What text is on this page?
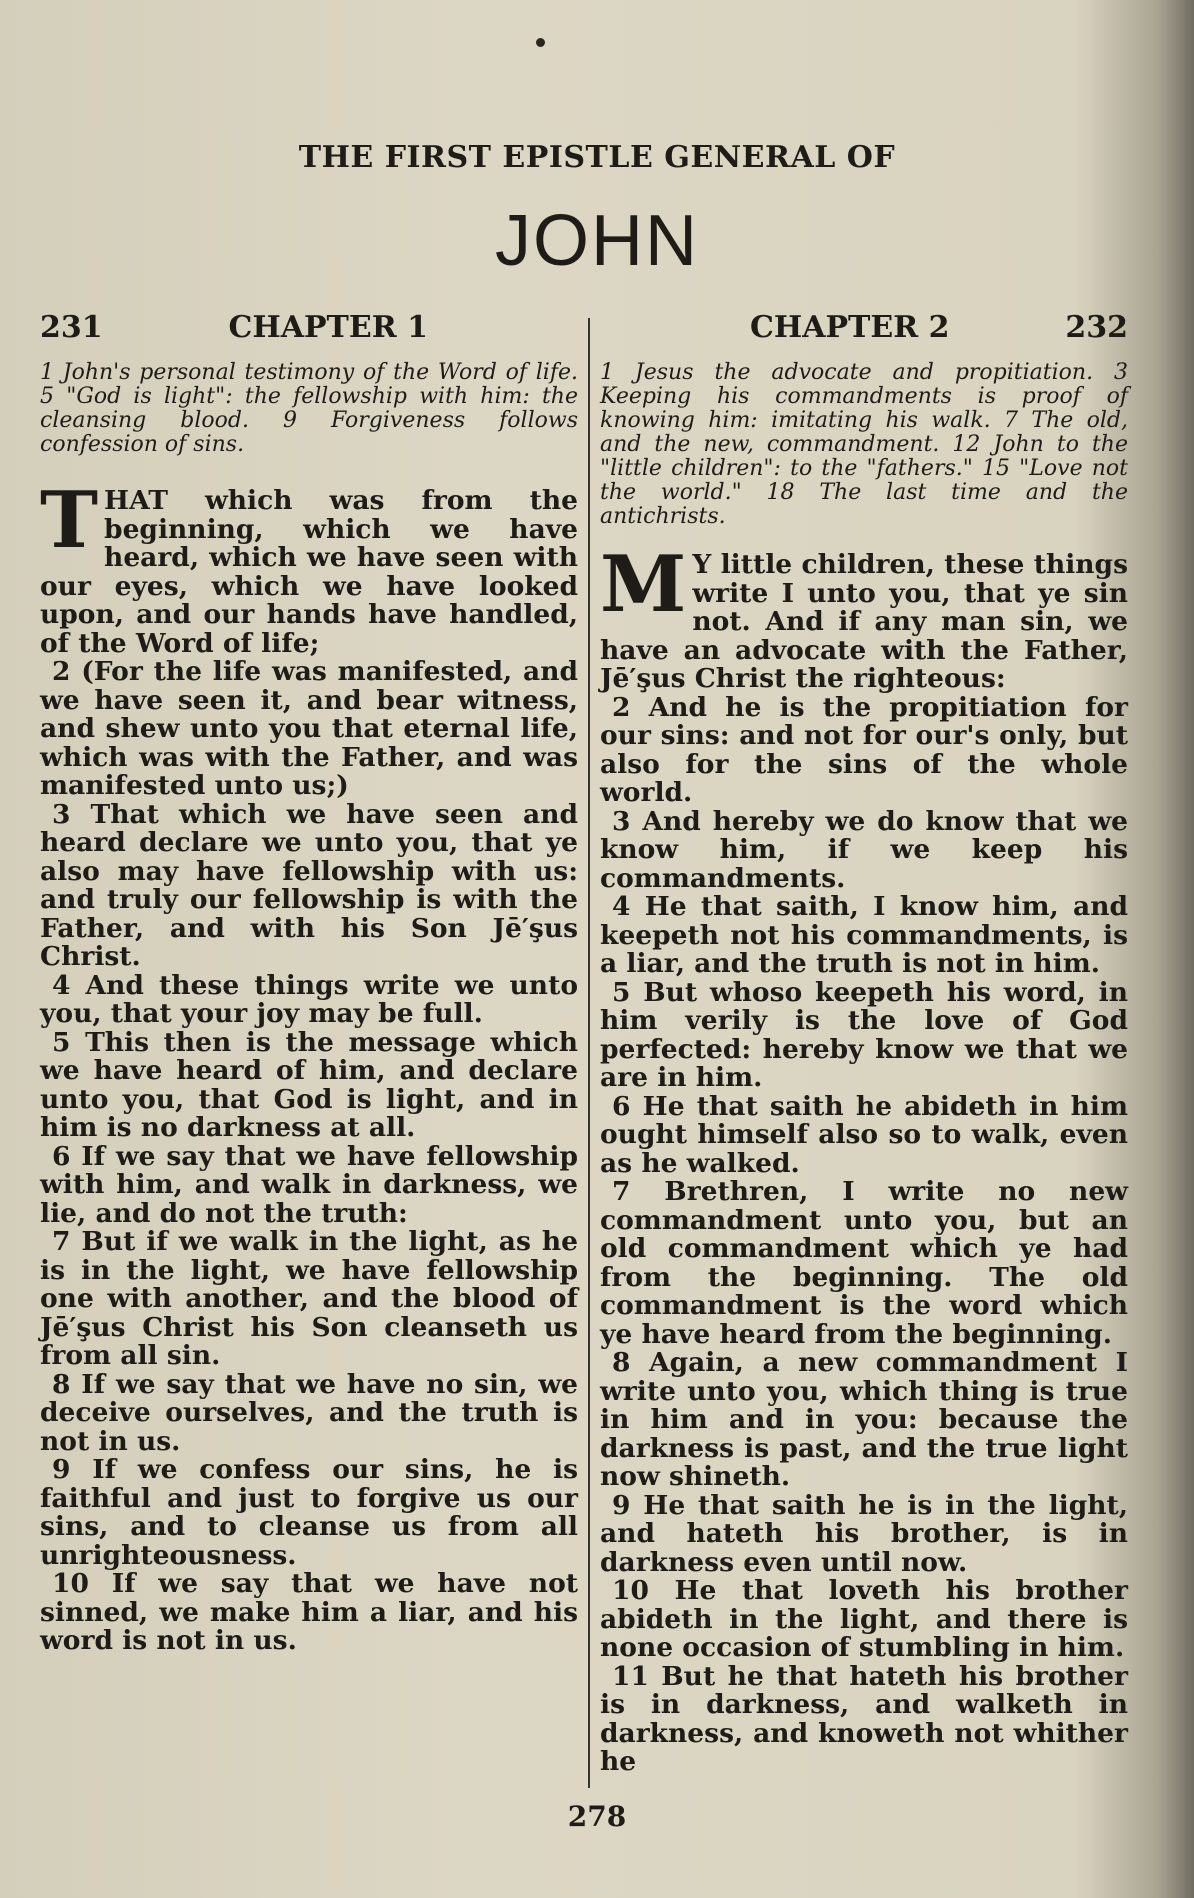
THE FIRST EPISTLE GENERAL OF
JOHN
231	CHAPTER 1

1 John's personal testimony of the Word of life. 5 "God is light": the fellowship with him: the cleansing blood. 9 Forgiveness follows confession of sins.

T HAT which was from the beginning, which we have heard, which we have seen with our eyes, which we have looked upon, and our hands have handled, of the Word of life;

2 (For the life was manifested, and we have seen it, and bear witness, and shew unto you that eternal life, which was with the Father, and was manifested unto us;)

3 That which we have seen and heard declare we unto you, that ye also may have fellowship with us: and truly our fellowship is with the Father, and with his Son Jē′şus Christ.

4 And these things write we unto you, that your joy may be full.

5 This then is the message which we have heard of him, and declare unto you, that God is light, and in him is no darkness at all.

6 If we say that we have fellowship with him, and walk in darkness, we lie, and do not the truth:

7 But if we walk in the light, as he is in the light, we have fellowship one with another, and the blood of Jē′şus Christ his Son cleanseth us from all sin.

8 If we say that we have no sin, we deceive ourselves, and the truth is not in us.

9 If we confess our sins, he is faithful and just to forgive us our sins, and to cleanse us from all unrighteousness.

10 If we say that we have not sinned, we make him a liar, and his word is not in us.

CHAPTER 2	232

1 Jesus the advocate and propitiation. 3 Keeping his commandments is proof of knowing him: imitating his walk. 7 The old, and the new, commandment. 12 John to the "little children": to the "fathers." 15 "Love not the world." 18 The last time and the antichrists.

M Y little children, these things write I unto you, that ye sin not. And if any man sin, we have an advocate with the Father, Jē′şus Christ the righteous:

2 And he is the propitiation for our sins: and not for our's only, but also for the sins of the whole world.

3 And hereby we do know that we know him, if we keep his commandments.

4 He that saith, I know him, and keepeth not his commandments, is a liar, and the truth is not in him.

5 But whoso keepeth his word, in him verily is the love of God perfected: hereby know we that we are in him.

6 He that saith he abideth in him ought himself also so to walk, even as he walked.

7 Brethren, I write no new commandment unto you, but an old commandment which ye had from the beginning. The old commandment is the word which ye have heard from the beginning.

8 Again, a new commandment I write unto you, which thing is true in him and in you: because the darkness is past, and the true light now shineth.

9 He that saith he is in the light, and hateth his brother, is in darkness even until now.

10 He that loveth his brother abideth in the light, and there is none occasion of stumbling in him.

11 But he that hateth his brother is in darkness, and walketh in darkness, and knoweth not whither he

278
